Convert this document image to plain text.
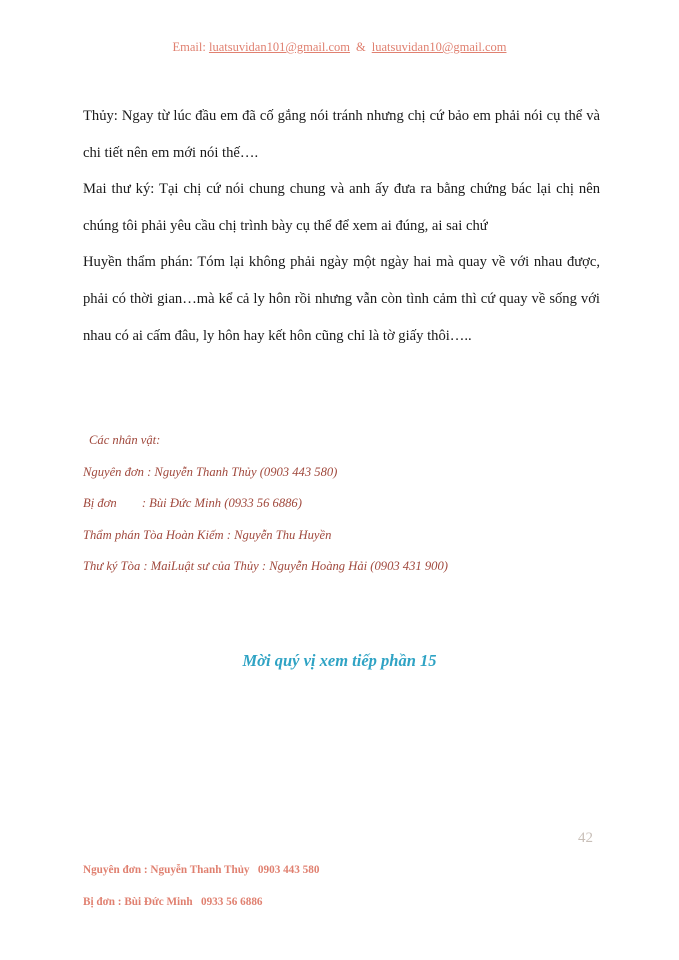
Email: luatsuvidan101@gmail.com & luatsuvidan10@gmail.com

Thủy: Ngay từ lúc đầu em đã cố gắng nói tránh nhưng chị cứ bảo em phải nói cụ thể và chi tiết nên em mới nói thế….

Mai thư ký: Tại chị cứ nói chung chung và anh ấy đưa ra bằng chứng bác lại chị nên chúng tôi phải yêu cầu chị trình bày cụ thể để xem ai đúng, ai sai chứ

Huyền thẩm phán: Tóm lại không phải ngày một ngày hai mà quay về với nhau được, phải có thời gian…mà kể cả ly hôn rồi nhưng vẫn còn tình cảm thì cứ quay về sống với nhau có ai cấm đâu, ly hôn hay kết hôn cũng chỉ là tờ giấy thôi…..

Các nhân vật:
Nguyên đơn : Nguyễn Thanh Thủy (0903 443 580)
Bị đơn        : Bùi Đức Minh (0933 56 6886)
Thẩm phán Tòa Hoàn Kiếm : Nguyễn Thu Huyền
Thư ký Tòa : MaiLuật sư của Thủy : Nguyễn Hoàng Hải (0903 431 900)
Mời quý vị xem tiếp phần 15
42
Nguyên đơn : Nguyễn Thanh Thủy   0903 443 580
Bị đơn : Bùi Đức Minh   0933 56 6886
